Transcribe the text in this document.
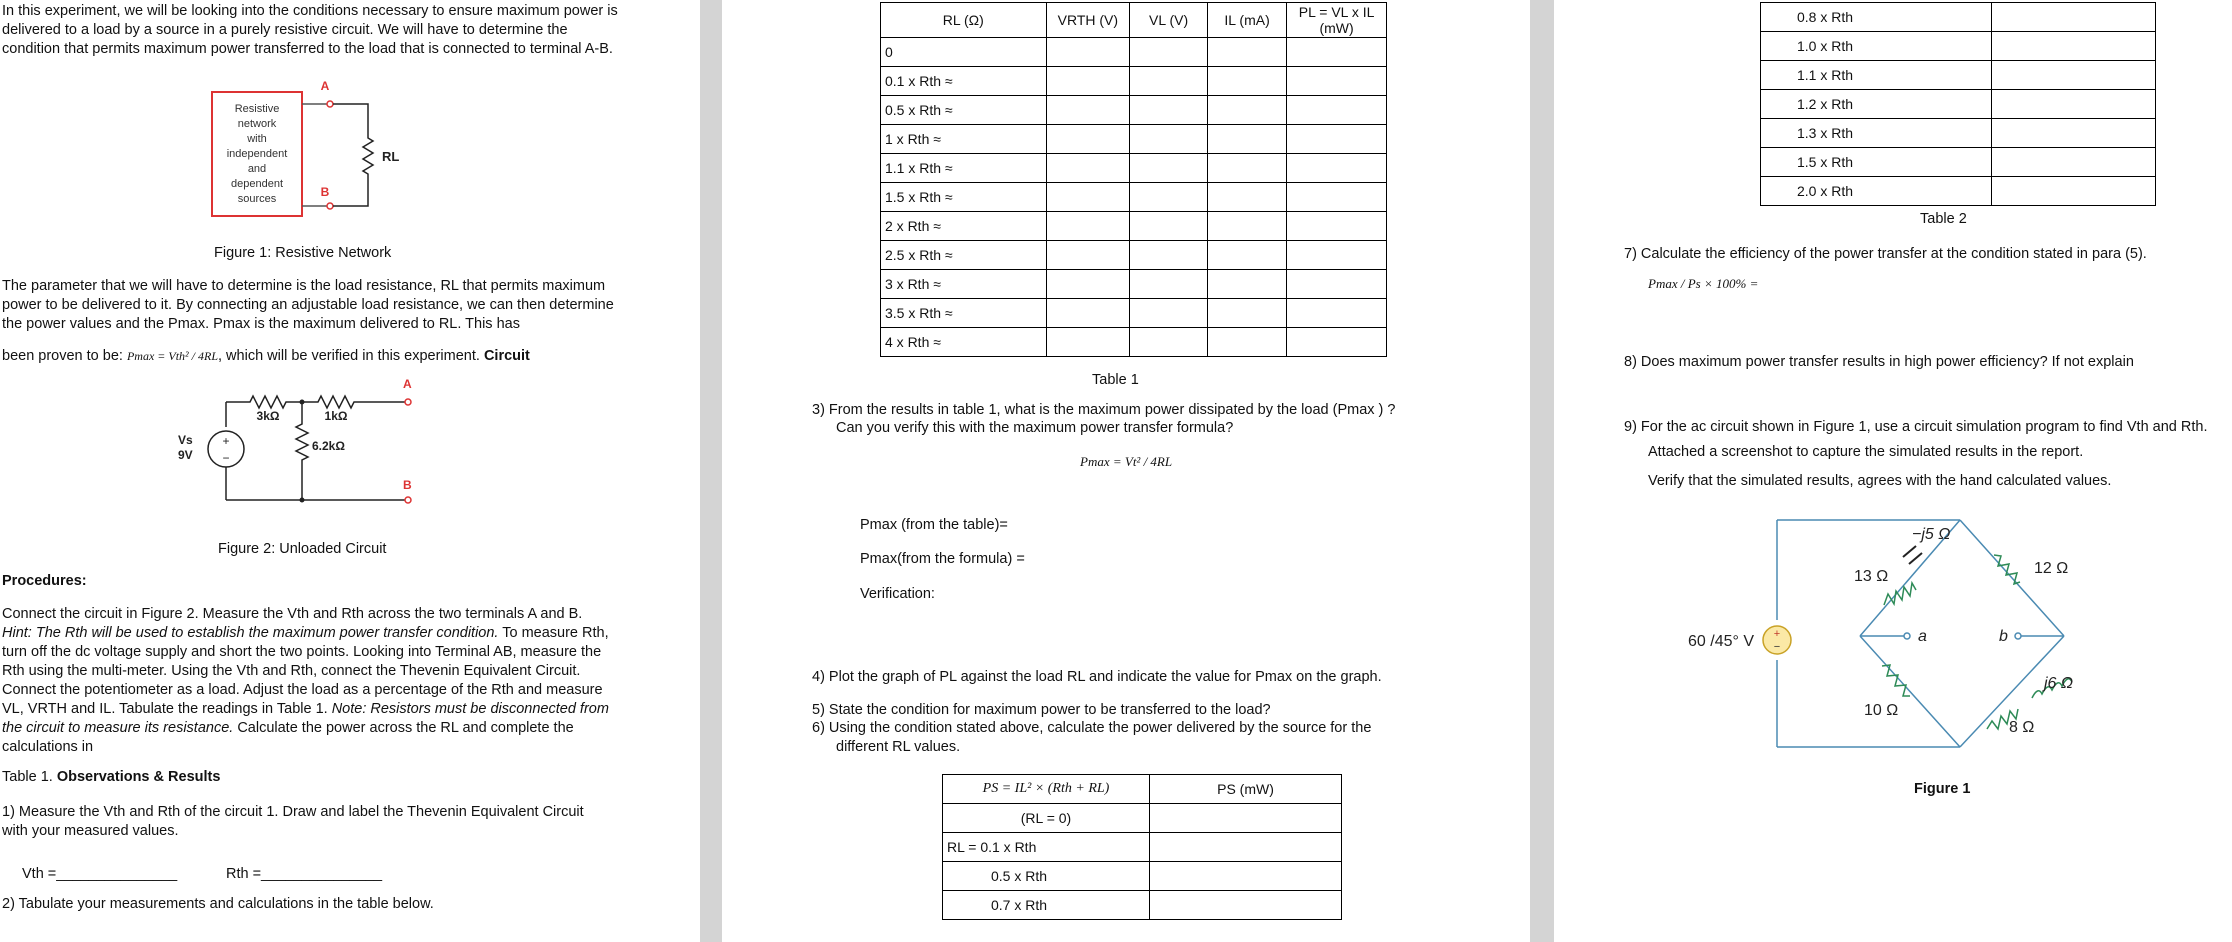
In this experiment, we will be looking into the conditions necessary to ensure maximum power is delivered to a load by a source in a purely resistive circuit. We will have to determine the condition that permits maximum power transferred to the load that is connected to terminal A-B.
Resistive
network
with
independent
and
dependent
sources
A
B
RL
Figure 1: Resistive Network
The parameter that we will have to determine is the load resistance, RL that permits maximum power to be delivered to it. By connecting an adjustable load resistance, we can then determine the power values and the Pmax. Pmax is the maximum delivered to RL. This has
been proven to be: Pmax = Vth² / 4RL, which will be verified in this experiment. Circuit
+
−
3kΩ	1kΩ
6.2kΩ
Vs
9V
A
B
Figure 2: Unloaded Circuit
Procedures:
Connect the circuit in Figure 2. Measure the Vth and Rth across the two terminals A and B. Hint: The Rth will be used to establish the maximum power transfer condition. To measure Rth, turn off the dc voltage supply and short the two points. Looking into Terminal AB, measure the Rth using the multi-meter. Using the Vth and Rth, connect the Thevenin Equivalent Circuit. Connect the potentiometer as a load. Adjust the load as a percentage of the Rth and measure VL, VRTH and IL. Tabulate the readings in Table 1. Note: Resistors must be disconnected from the circuit to measure its resistance. Calculate the power across the RL and complete the calculations in
Table 1. Observations & Results
1) Measure the Vth and Rth of the circuit 1. Draw and label the Thevenin Equivalent Circuit with your measured values.
Vth =_______________	Rth =_______________
2) Tabulate your measurements and calculations in the table below.
RL (Ω)	VRTH (V)	VL (V)	IL (mA)	PL = VL x IL (mW)
0				
0.1 x Rth ≈				
0.5 x Rth ≈				
1 x Rth ≈				
1.1 x Rth ≈				
1.5 x Rth ≈				
2 x Rth ≈				
2.5 x Rth ≈				
3 x Rth ≈				
3.5 x Rth ≈				
4 x Rth ≈				
Table 1
3) From the results in table 1, what is the maximum power dissipated by the load (Pmax ) ?
Can you verify this with the maximum power transfer formula?
Pmax = Vt² / 4RL
Pmax (from the table)=
Pmax(from the formula) =
Verification:
4) Plot the graph of PL against the load RL and indicate the value for Pmax on the graph.
5) State the condition for maximum power to be transferred to the load?
6) Using the condition stated above, calculate the power delivered by the source for the
different RL values.
PS = IL² × (Rth + RL)	PS (mW)
(RL = 0)	
RL = 0.1 x Rth	
0.5 x Rth	
0.7 x Rth	
0.8 x Rth	
1.0 x Rth	
1.1 x Rth	
1.2 x Rth	
1.3 x Rth	
1.5 x Rth	
2.0 x Rth	
Table 2
7) Calculate the efficiency of the power transfer at the condition stated in para (5).
Pmax / Ps × 100% =
8) Does maximum power transfer results in high power efficiency? If not explain
9) For the ac circuit shown in Figure 1, use a circuit simulation program to find Vth and Rth.
Attached a screenshot to capture the simulated results in the report.
Verify that the simulated results, agrees with the hand calculated values.
+
−
60 /45° V
−j5 Ω
13 Ω	12 Ω
10 Ω
8 Ω
j6 Ω
a	b
Figure 1
